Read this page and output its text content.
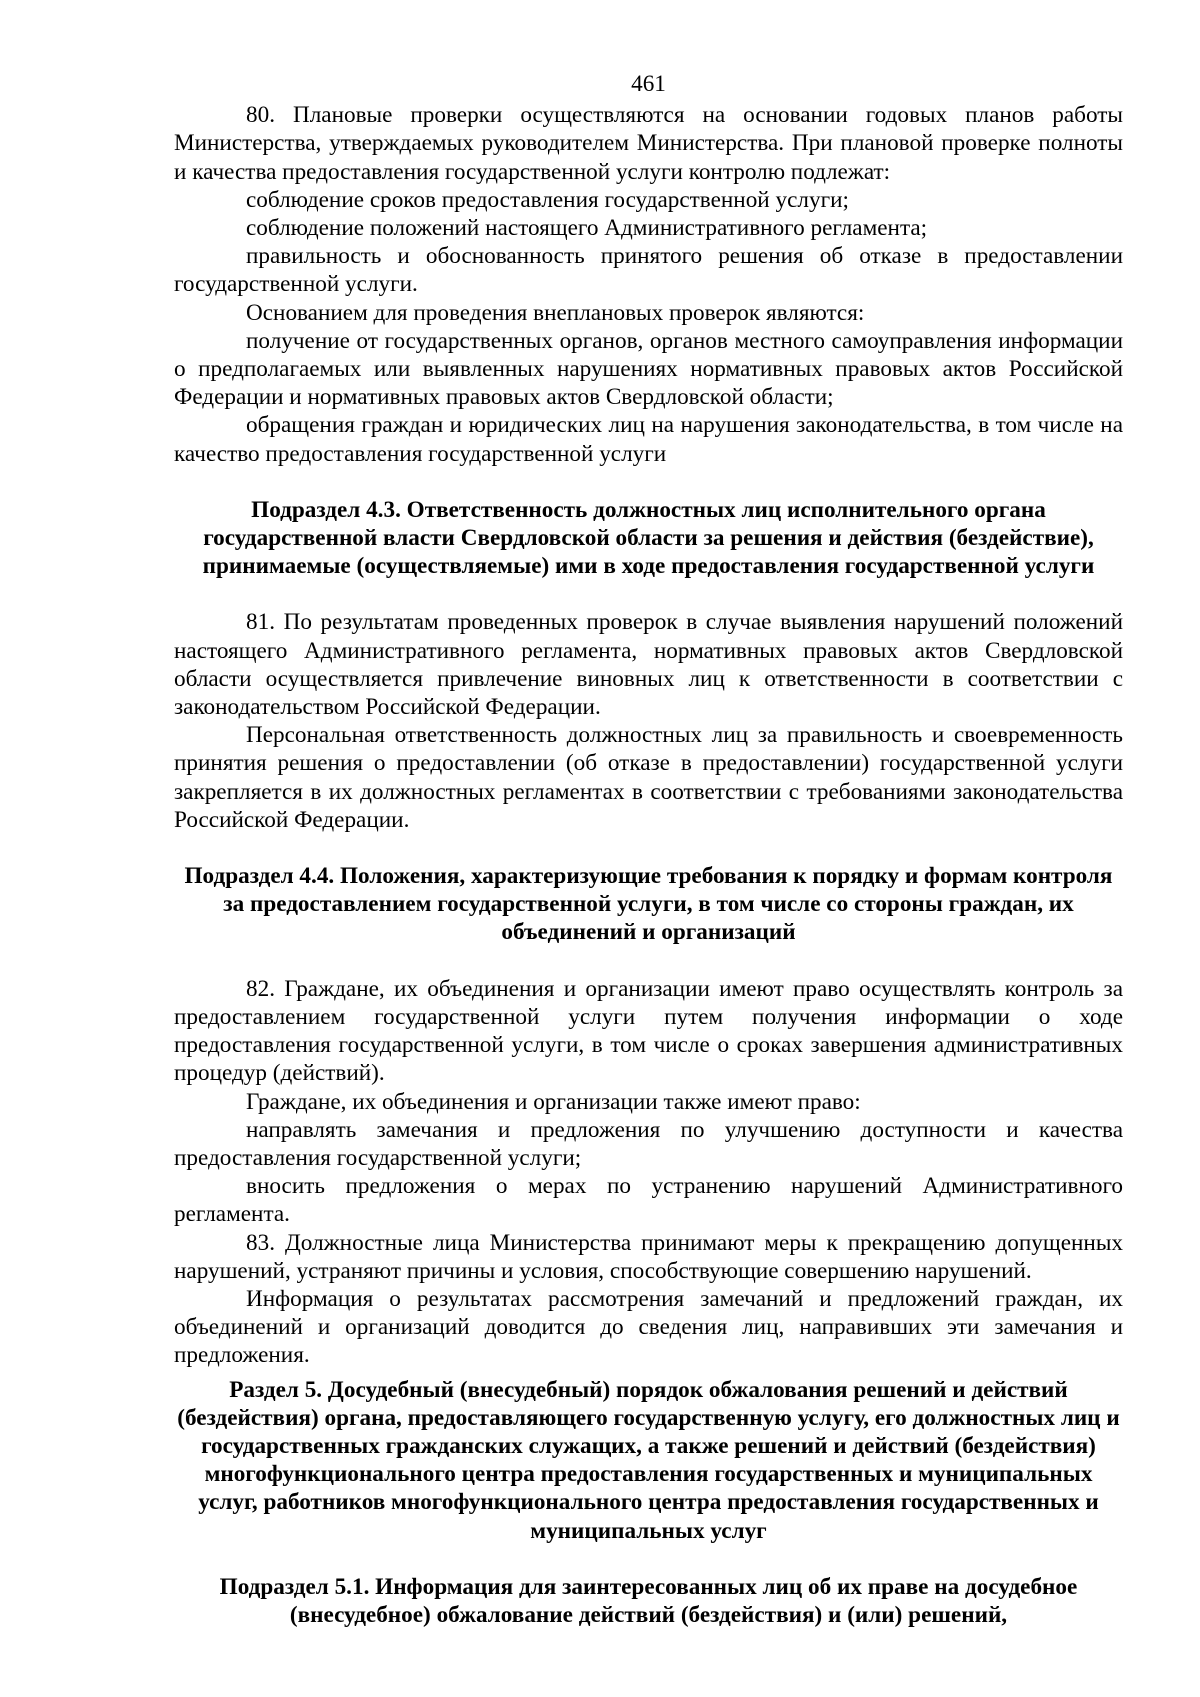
461

80. Плановые проверки осуществляются на основании годовых планов работы Министерства, утверждаемых руководителем Министерства. При плановой проверке полноты и качества предоставления государственной услуги контролю подлежат:

соблюдение сроков предоставления государственной услуги;

соблюдение положений настоящего Административного регламента;

правильность и обоснованность принятого решения об отказе в предоставлении государственной услуги.

Основанием для проведения внеплановых проверок являются:

получение от государственных органов, органов местного самоуправления информации о предполагаемых или выявленных нарушениях нормативных правовых актов Российской Федерации и нормативных правовых актов Свердловской области;

обращения граждан и юридических лиц на нарушения законодательства, в том числе на качество предоставления государственной услуги

Подраздел 4.3. Ответственность должностных лиц исполнительного органа государственной власти Свердловской области за решения и действия (бездействие), принимаемые (осуществляемые) ими в ходе предоставления государственной услуги

81. По результатам проведенных проверок в случае выявления нарушений положений настоящего Административного регламента, нормативных правовых актов Свердловской области осуществляется привлечение виновных лиц к ответственности в соответствии с законодательством Российской Федерации.

Персональная ответственность должностных лиц за правильность и своевременность принятия решения о предоставлении (об отказе в предоставлении) государственной услуги закрепляется в их должностных регламентах в соответствии с требованиями законодательства Российской Федерации.

Подраздел 4.4. Положения, характеризующие требования к порядку и формам контроля за предоставлением государственной услуги, в том числе со стороны граждан, их объединений и организаций

82. Граждане, их объединения и организации имеют право осуществлять контроль за предоставлением государственной услуги путем получения информации о ходе предоставления государственной услуги, в том числе о сроках завершения административных процедур (действий).

Граждане, их объединения и организации также имеют право:

направлять замечания и предложения по улучшению доступности и качества предоставления государственной услуги;

вносить предложения о мерах по устранению нарушений Административного регламента.

83. Должностные лица Министерства принимают меры к прекращению допущенных нарушений, устраняют причины и условия, способствующие совершению нарушений.

Информация о результатах рассмотрения замечаний и предложений граждан, их объединений и организаций доводится до сведения лиц, направивших эти замечания и предложения.

Раздел 5. Досудебный (внесудебный) порядок обжалования решений и действий (бездействия) органа, предоставляющего государственную услугу, его должностных лиц и государственных гражданских служащих, а также решений и действий (бездействия) многофункционального центра предоставления государственных и муниципальных услуг, работников многофункционального центра предоставления государственных и муниципальных услуг
Подраздел 5.1. Информация для заинтересованных лиц об их праве на досудебное (внесудебное) обжалование действий (бездействия) и (или) решений,
